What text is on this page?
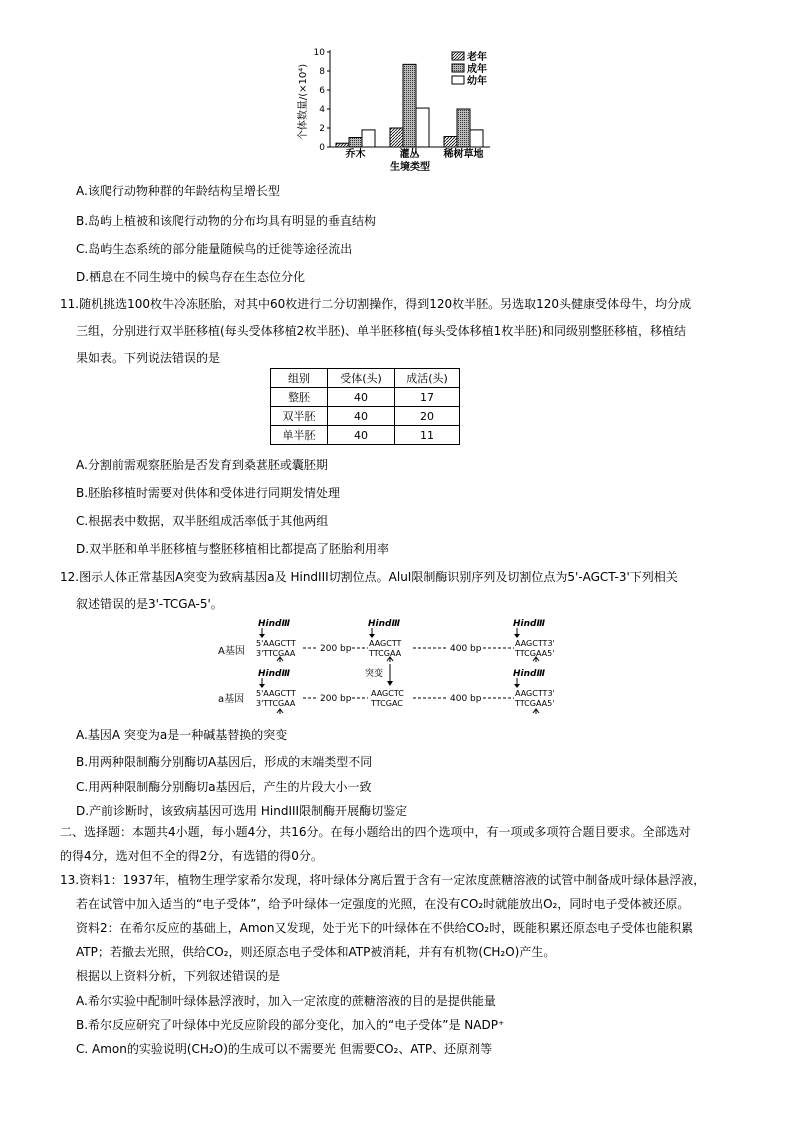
个体数量/(×10⁴)
0
2
4
6
8
10
乔木	灌丛 稀树草地
生境类型
老年
成年
幼年
A.该爬行动物种群的年龄结构呈增长型
B.岛屿上植被和该爬行动物的分布均具有明显的垂直结构
C.岛屿生态系统的部分能量随候鸟的迁徙等途径流出
D.栖息在不同生境中的候鸟存在生态位分化
11.随机挑选100枚牛冷冻胚胎，对其中60枚进行二分切割操作，得到120枚半胚。另选取120头健康受体母牛，均分成
三组，分别进行双半胚移植(每头受体移植2枚半胚)、单半胚移植(每头受体移植1枚半胚)和同级别整胚移植，移植结
果如表。下列说法错误的是
组别	受体(头)	成活(头)
整胚	40	17
双半胚	40	20
单半胚	40	11
A.分割前需观察胚胎是否发育到桑葚胚或囊胚期
B.胚胎移植时需要对供体和受体进行同期发情处理
C.根据表中数据，双半胚组成活率低于其他两组
D.双半胚和单半胚移植与整胚移植相比都提高了胚胎利用率
12.图示人体正常基因A突变为致病基因a及 HindIII切割位点。AluⅠ限制酶识别序列及切割位点为5'-AGCT-3'下列相关
叙述错误的是3'-TCGA-5'。
HindⅢ	HindⅢ	HindⅢ
A基因
5'AAGCTT
3'TTCGAA	200 bp
AAGCTT
TTCGAA	400 bp
AAGCTT3'
TTCGAA5'
突变
HindⅢ	HindⅢ
a基因
5'AAGCTT
3'TTCGAA	200 bp
AAGCTC
TTCGAC	400 bp
AAGCTT3'
TTCGAA5'
A.基因A 突变为a是一种碱基替换的突变
B.用两种限制酶分别酶切A基因后，形成的末端类型不同
C.用两种限制酶分别酶切a基因后，产生的片段大小一致
D.产前诊断时，该致病基因可选用 HindIII限制酶开展酶切鉴定
二、选择题：本题共4小题，每小题4分，共16分。在每小题给出的四个选项中，有一项或多项符合题目要求。全部选对
的得4分，选对但不全的得2分，有选错的得0分。
13.资料1：1937年，植物生理学家希尔发现，将叶绿体分离后置于含有一定浓度蔗糖溶液的试管中制备成叶绿体悬浮液，
若在试管中加入适当的“电子受体”，给予叶绿体一定强度的光照，在没有CO₂时就能放出O₂，同时电子受体被还原。
资料2：在希尔反应的基础上，Amon又发现，处于光下的叶绿体在不供给CO₂时，既能积累还原态电子受体也能积累
ATP；若撤去光照，供给CO₂，则还原态电子受体和ATP被消耗，并有有机物(CH₂O)产生。
根据以上资料分析，下列叙述错误的是
A.希尔实验中配制叶绿体悬浮液时，加入一定浓度的蔗糖溶液的目的是提供能量
B.希尔反应研究了叶绿体中光反应阶段的部分变化，加入的“电子受体”是 NADP⁺
C. Amon的实验说明(CH₂O)的生成可以不需要光 但需要CO₂、ATP、还原剂等
